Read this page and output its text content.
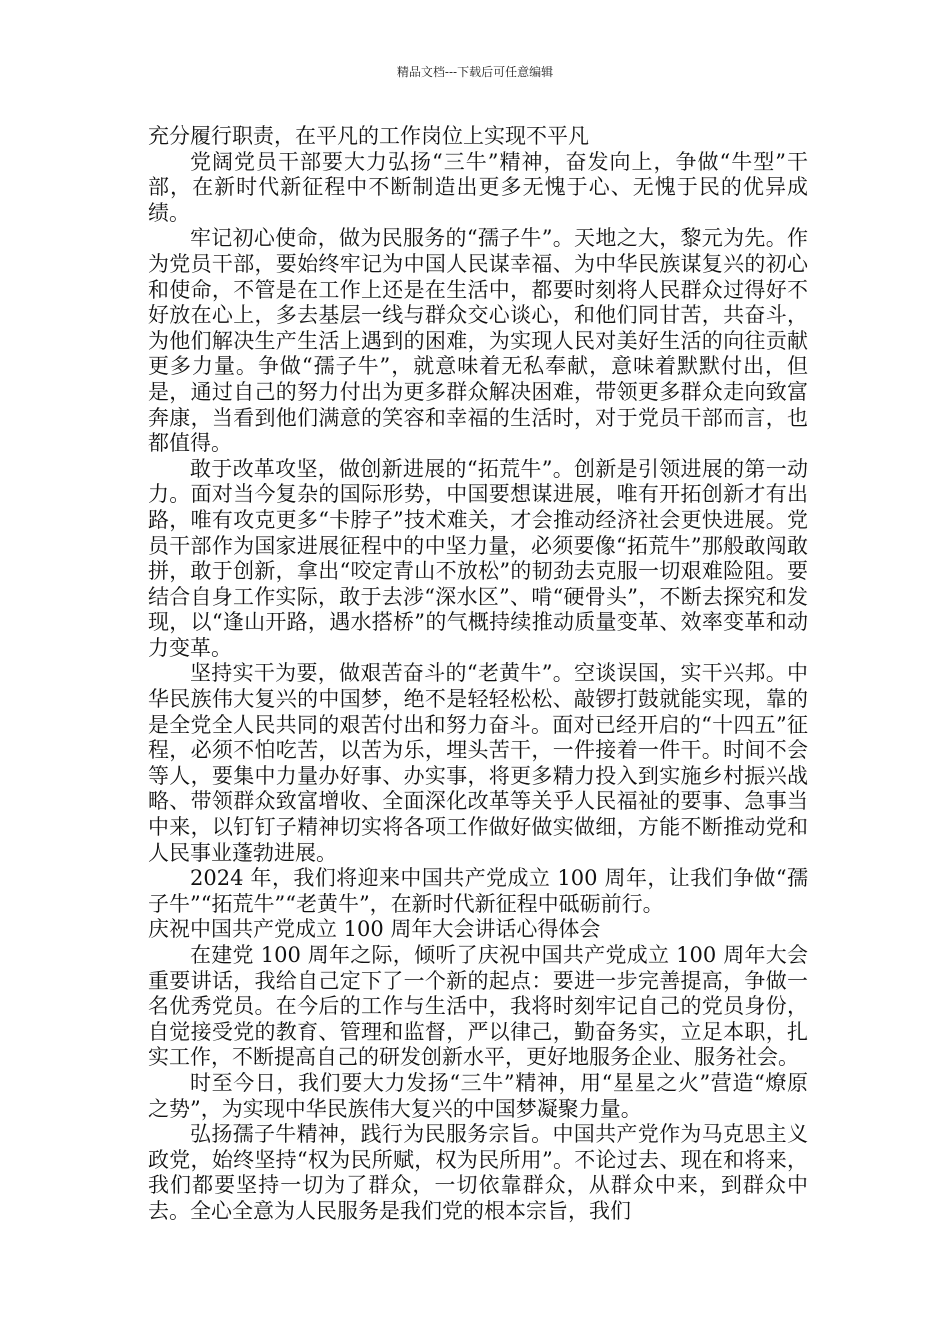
精品文档---下载后可任意编辑

充分履行职责，在平凡的工作岗位上实现不平凡

党阔党员干部要大力弘扬“三牛”精神，奋发向上，争做“牛型”干部，在新时代新征程中不断制造出更多无愧于心、无愧于民的优异成绩。

牢记初心使命，做为民服务的“孺子牛”。天地之大，黎元为先。作为党员干部，要始终牢记为中国人民谋幸福、为中华民族谋复兴的初心和使命，不管是在工作上还是在生活中，都要时刻将人民群众过得好不好放在心上，多去基层一线与群众交心谈心，和他们同甘苦，共奋斗，为他们解决生产生活上遇到的困难，为实现人民对美好生活的向往贡献更多力量。争做“孺子牛”，就意味着无私奉献，意味着默默付出，但是，通过自己的努力付出为更多群众解决困难，带领更多群众走向致富奔康，当看到他们满意的笑容和幸福的生活时，对于党员干部而言，也都值得。

敢于改革攻坚，做创新进展的“拓荒牛”。创新是引领进展的第一动力。面对当今复杂的国际形势，中国要想谋进展，唯有开拓创新才有出路，唯有攻克更多“卡脖子”技术难关，才会推动经济社会更快进展。党员干部作为国家进展征程中的中坚力量，必须要像“拓荒牛”那般敢闯敢拼，敢于创新，拿出“咬定青山不放松”的韧劲去克服一切艰难险阻。要结合自身工作实际，敢于去涉“深水区”、啃“硬骨头”，不断去探究和发现，以“逢山开路，遇水搭桥”的气概持续推动质量变革、效率变革和动力变革。

坚持实干为要，做艰苦奋斗的“老黄牛”。空谈误国，实干兴邦。中华民族伟大复兴的中国梦，绝不是轻轻松松、敲锣打鼓就能实现，靠的是全党全人民共同的艰苦付出和努力奋斗。面对已经开启的“十四五”征程，必须不怕吃苦，以苦为乐，埋头苦干，一件接着一件干。时间不会等人，要集中力量办好事、办实事，将更多精力投入到实施乡村振兴战略、带领群众致富增收、全面深化改革等关乎人民福祉的要事、急事当中来，以钉钉子精神切实将各项工作做好做实做细，方能不断推动党和人民事业蓬勃进展。

2024 年，我们将迎来中国共产党成立 100 周年，让我们争做“孺子牛”“拓荒牛”“老黄牛”，在新时代新征程中砥砺前行。

庆祝中国共产党成立 100 周年大会讲话心得体会

在建党 100 周年之际，倾听了庆祝中国共产党成立 100 周年大会重要讲话，我给自己定下了一个新的起点：要进一步完善提高，争做一名优秀党员。在今后的工作与生活中，我将时刻牢记自己的党员身份，自觉接受党的教育、管理和监督，严以律己，勤奋务实，立足本职，扎实工作，不断提高自己的研发创新水平，更好地服务企业、服务社会。

时至今日，我们要大力发扬“三牛”精神，用“星星之火”营造“燎原之势”，为实现中华民族伟大复兴的中国梦凝聚力量。

弘扬孺子牛精神，践行为民服务宗旨。中国共产党作为马克思主义政党，始终坚持“权为民所赋，权为民所用”。不论过去、现在和将来，我们都要坚持一切为了群众，一切依靠群众，从群众中来，到群众中去。全心全意为人民服务是我们党的根本宗旨，我们
